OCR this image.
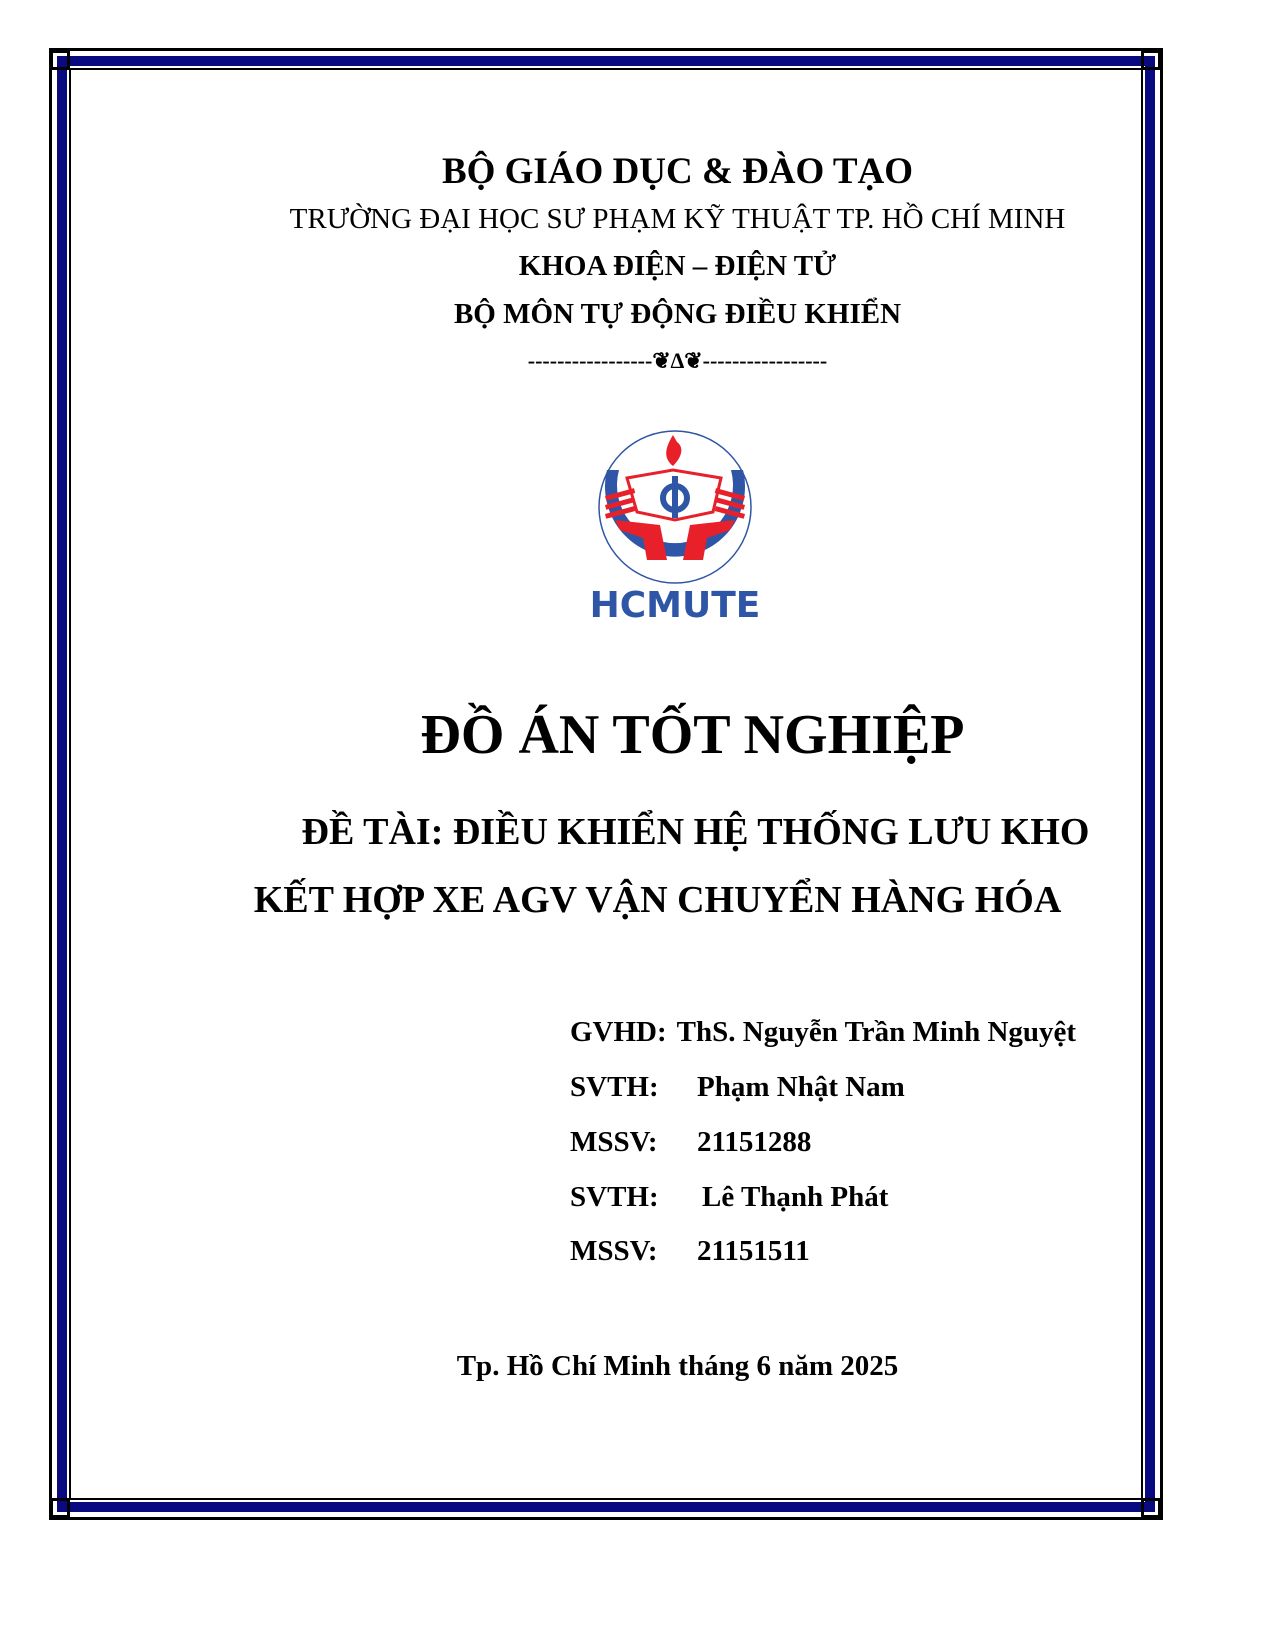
BỘ GIÁO DỤC & ĐÀO TẠO
TRƯỜNG ĐẠI HỌC SƯ PHẠM KỸ THUẬT TP. HỒ CHÍ MINH
KHOA ĐIỆN – ĐIỆN TỬ
BỘ MÔN TỰ ĐỘNG ĐIỀU KHIỂN
-----------------❦∆❦-----------------
HCMUTE
ĐỒ ÁN TỐT NGHIỆP
ĐỀ TÀI: ĐIỀU KHIỂN HỆ THỐNG LƯU KHO
KẾT HỢP XE AGV VẬN CHUYỂN HÀNG HÓA
GVHD: ThS. Nguyễn Trần Minh Nguyệt
SVTH: Phạm Nhật Nam
MSSV: 21151288
SVTH: Lê Thạnh Phát
MSSV: 21151511
Tp. Hồ Chí Minh tháng 6 năm 2025
